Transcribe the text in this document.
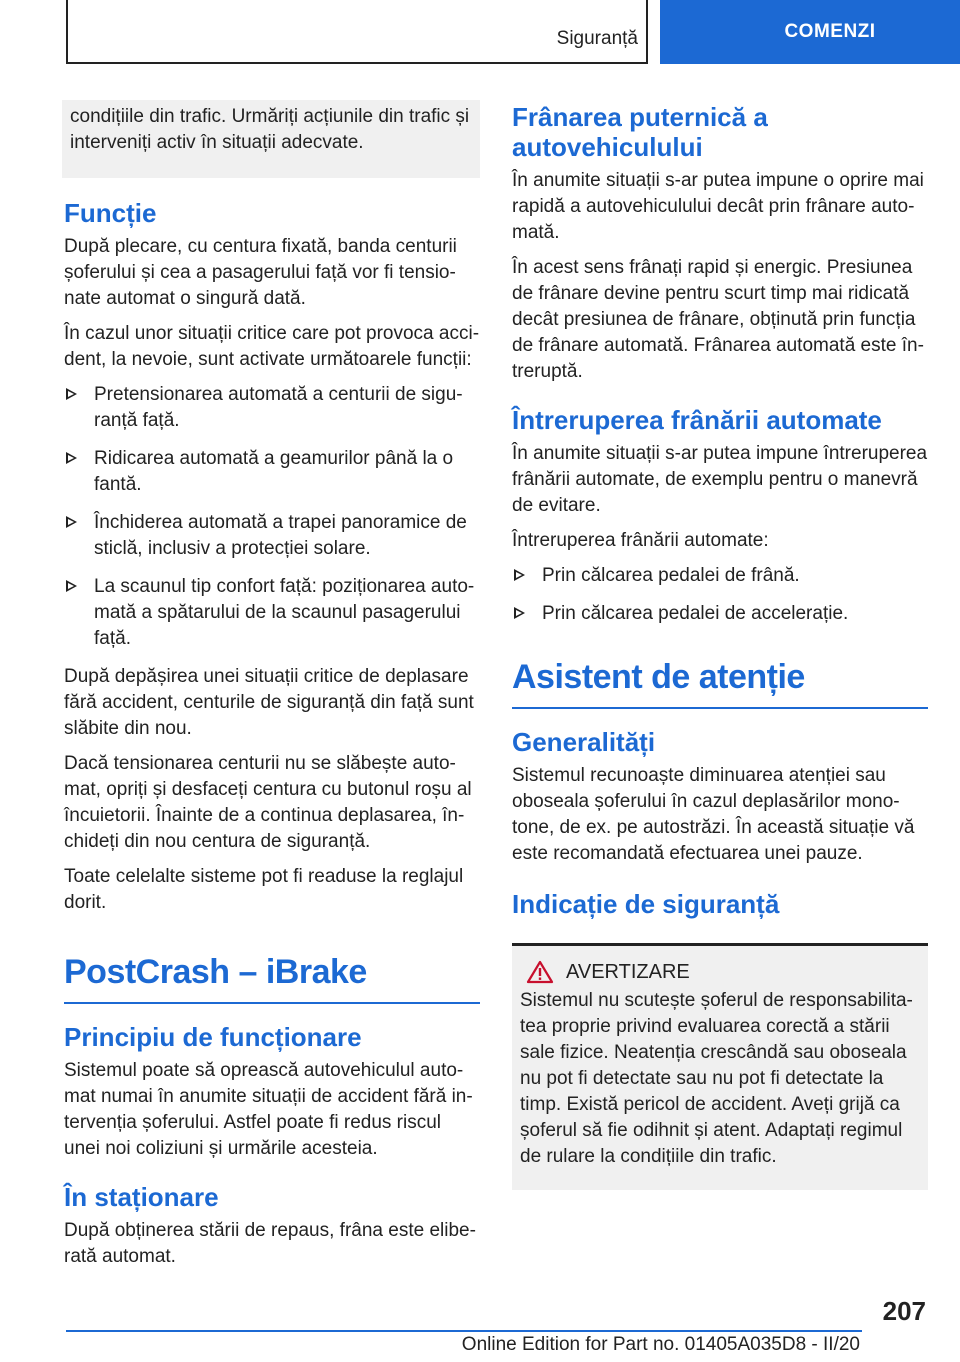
Siguranță	COMENZI

condițiile din trafic. Urmăriți acțiunile din trafic și interveniți activ în situații adecvate.

Funcție

După plecare, cu centura fixată, banda centurii șoferului și cea a pasagerului față vor fi tensionate automat o singură dată.

În cazul unor situații critice care pot provoca accident, la nevoie, sunt activate următoarele funcții:

Pretensionarea automată a centurii de siguranță față.
Ridicarea automată a geamurilor până la o fantă.
Închiderea automată a trapei panoramice de sticlă, inclusiv a protecției solare.
La scaunul tip confort față: poziționarea automată a spătarului de la scaunul pasagerului față.

După depășirea unei situații critice de deplasare fără accident, centurile de siguranță din față sunt slăbite din nou.

Dacă tensionarea centurii nu se slăbește automat, opriți și desfaceți centura cu butonul roșu al încuietorii. Înainte de a continua deplasarea, închideți din nou centura de siguranță.

Toate celelalte sisteme pot fi readuse la reglajul dorit.

PostCrash – iBrake
Principiu de funcționare

Sistemul poate să oprească autovehiculul automat numai în anumite situații de accident fără intervenția șoferului. Astfel poate fi redus riscul unei noi coliziuni și urmările acesteia.

În staționare

După obținerea stării de repaus, frâna este eliberată automat.

Frânarea puternică a autovehiculului

În anumite situații s-ar putea impune o oprire mai rapidă a autovehiculului decât prin frânare automată.

În acest sens frânați rapid și energic. Presiunea de frânare devine pentru scurt timp mai ridicată decât presiunea de frânare, obținută prin funcția de frânare automată. Frânarea automată este întreruptă.

Întreruperea frânării automate

În anumite situații s-ar putea impune întreruperea frânării automate, de exemplu pentru o manevră de evitare.

Întreruperea frânării automate:

Prin călcarea pedalei de frână.
Prin călcarea pedalei de accelerație.
Asistent de atenție
Generalități

Sistemul recunoaște diminuarea atenției sau oboseala șoferului în cazul deplasărilor monotone, de ex. pe autostrăzi. În această situație vă este recomandată efectuarea unei pauze.

Indicație de siguranță
AVERTIZARE

Sistemul nu scutește șoferul de responsabilitatea proprie privind evaluarea corectă a stării sale fizice. Neatenția crescândă sau oboseala nu pot fi detectate sau nu pot fi detectate la timp. Există pericol de accident. Aveți grijă ca șoferul să fie odihnit și atent. Adaptați regimul de rulare la condițiile din trafic.

207
Online Edition for Part no. 01405A035D8 - II/20
